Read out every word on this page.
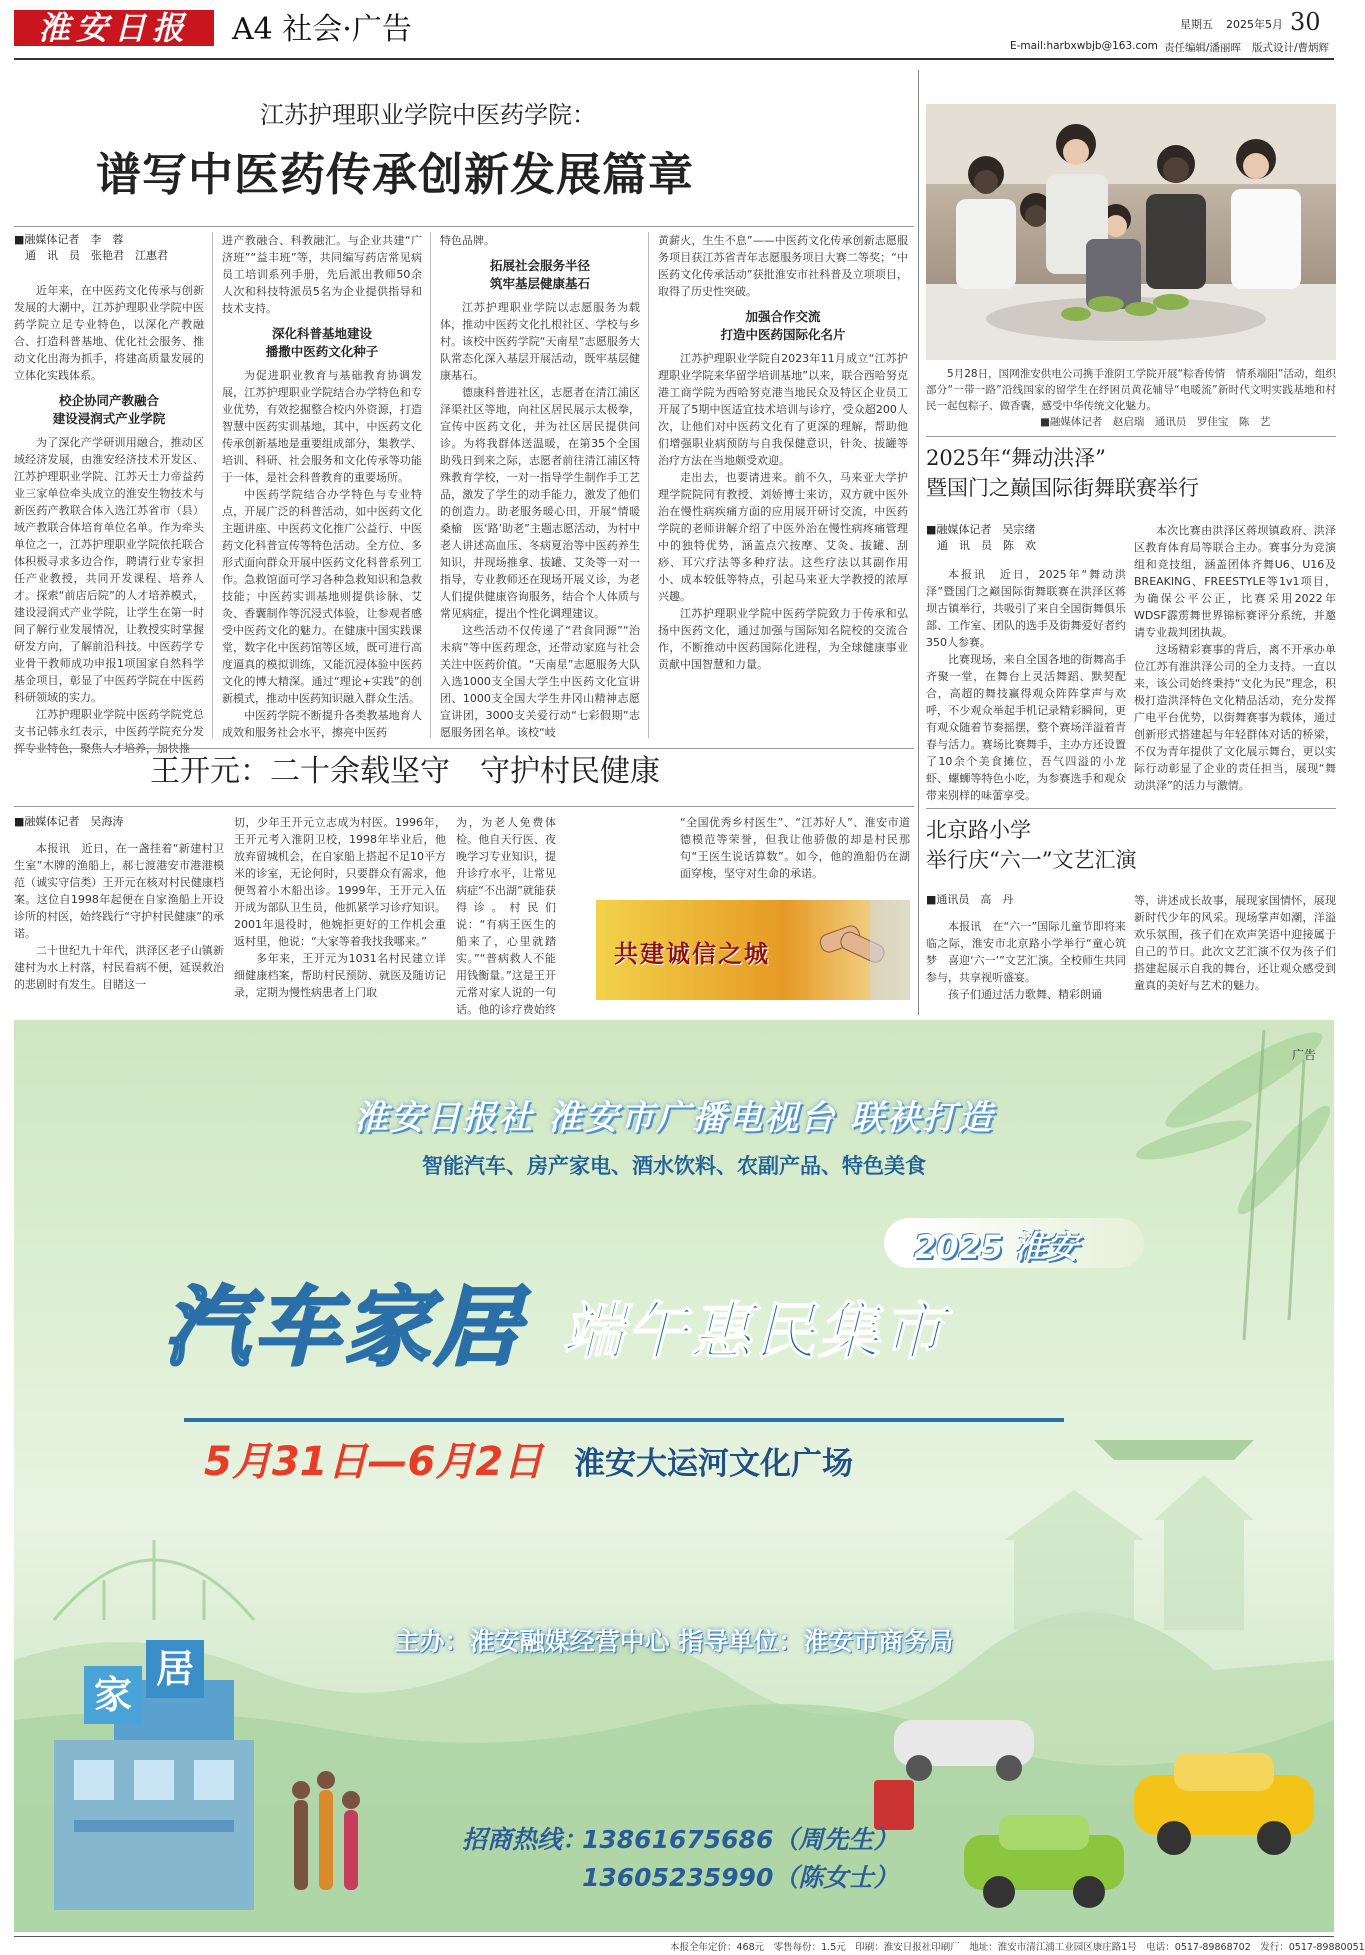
淮安日报	A4 社会·广告	星期五 2025年5月 30
E-mail:harbxwbjb@163.com 责任编辑/潘丽晖 版式设计/曹炳辉
江苏护理职业学院中医药学院：
谱写中医药传承创新发展篇章
■融媒体记者　李　蓉
通　讯　员　张艳君　江惠君

近年来，在中医药文化传承与创新发展的大潮中，江苏护理职业学院中医药学院立足专业特色，以深化产教融合、打造科普基地、优化社会服务、推动文化出海为抓手，将建高质量发展的立体化实践体系。

校企协同产教融合
建设浸润式产业学院

为了深化产学研训用融合，推动区域经济发展，由淮安经济技术开发区、江苏护理职业学院、江苏天士力帝益药业三家单位牵头成立的淮安生物技术与新医药产教联合体入选江苏省市（县）域产教联合体培育单位名单。作为牵头单位之一，江苏护理职业学院依托联合体积极寻求多边合作，聘请行业专家担任产业教授，共同开发课程、培养人才。探索“前店后院”的人才培养模式，建设浸润式产业学院，让学生在第一时间了解行业发展情况，让教授实时掌握研发方向，了解前沿科技。中医药学专业骨干教师成功申报1项国家自然科学基金项目，彰显了中医药学院在中医药科研领域的实力。

江苏护理职业学院中医药学院党总支书记韩永红表示，中医药学院充分发挥专业特色，聚焦人才培养，加快推

进产教融合、科教融汇。与企业共建“广济班”“益丰班”等，共同编写药店常见病员工培训系列手册，先后派出教师50余人次和科技特派员5名为企业提供指导和技术支持。

深化科普基地建设
播撒中医药文化种子

为促进职业教育与基础教育协调发展，江苏护理职业学院结合办学特色和专业优势，有效挖掘整合校内外资源，打造智慧中医药实训基地，其中，中医药文化传承创新基地是重要组成部分，集教学、培训、科研、社会服务和文化传承等功能于一体，是社会科普教育的重要场所。

中医药学院结合办学特色与专业特点，开展广泛的科普活动，如中医药文化主题讲座、中医药文化推广公益行、中医药文化科普宣传等特色活动。全方位、多形式面向群众开展中医药文化科普系列工作。急救馆面可学习各种急救知识和急救技能；中医药实训基地则提供诊脉、艾灸、香囊制作等沉浸式体验，让参观者感受中医药文化的魅力。在健康中国实践课堂，数字化中医药馆等区域，既可进行高度逼真的模拟训练，又能沉浸体验中医药文化的博大精深。通过“理论+实践”的创新模式，推动中医药知识融入群众生活。

中医药学院不断提升各类教基地育人成效和服务社会水平，擦亮中医药

特色品牌。

拓展社会服务半径
筑牢基层健康基石

江苏护理职业学院以志愿服务为载体，推动中医药文化扎根社区、学校与乡村。该校中医药学院“天南星”志愿服务大队常态化深入基层开展活动，既牢基层健康基石。

德康科普进社区，志愿者在清江浦区泽渠社区等地，向社区居民展示太极拳，宣传中医药文化，并为社区居民提供问诊。为将我群体送温暖，在第35个全国助残日到来之际，志愿者前往清江浦区特殊教育学校，一对一指导学生制作手工艺品，激发了学生的动手能力，激发了他们的创造力。助老服务暖心田，开展“情暖桑榆　医‘路’助老”主题志愿活动，为村中老人讲述高血压、冬病夏治等中医药养生知识，并现场推拿、拔罐、艾灸等一对一指导，专业教师还在现场开展义诊，为老人们提供健康咨询服务，结合个人体质与常见病症，提出个性化调理建议。

这些活动不仅传递了“君食同源”“治未病”等中医药理念，还带动家庭与社会关注中医药价值。“天南星”志愿服务大队入选1000支全国大学生中医药文化宣讲团、1000支全国大学生井冈山精神志愿宣讲团，3000支关爱行动“七彩假期”志愿服务团名单。该校“岐

黄薪火，生生不息”——中医药文化传承创新志愿服务项目获江苏省青年志愿服务项目大赛二等奖；“中医药文化传承活动”获批淮安市社科普及立项项目，取得了历史性突破。

加强合作交流
打造中医药国际化名片

江苏护理职业学院自2023年11月成立“江苏护理职业学院来华留学培训基地”以来，联合西哈努克港工商学院为西哈努克港当地民众及特区企业员工开展了5期中医适宜技术培训与诊疗，受众超200人次，让他们对中医药文化有了更深的理解，帮助他们增强职业病预防与自我保健意识，针灸、拔罐等治疗方法在当地颇受欢迎。

走出去，也要请进来。前不久，马来亚大学护理学院院同有教授、刘娇博士来访，双方就中医外治在慢性病疾痛方面的应用展开研讨交流，中医药学院的老师讲解介绍了中医外治在慢性病疼痛管理中的独特优势，涵盖点穴按摩、艾灸、拔罐、刮痧、耳穴疗法等多种疗法。这些疗法以其副作用小、成本较低等特点，引起马来亚大学教授的浓厚兴趣。

江苏护理职业学院中医药学院致力于传承和弘扬中医药文化，通过加强与国际知名院校的交流合作，不断推动中医药国际化进程，为全球健康事业贡献中国智慧和力量。

5月28日，国网淮安供电公司携手淮阴工学院开展“粽香传情　情系端阳”活动，组织部分“一带一路”沿线国家的留学生在纾困员黄花辅导“电暖流”新时代文明实践基地和村民一起包粽子、做香囊，感受中华传统文化魅力。

■融媒体记者　赵启瑞　通讯员　罗佳宝　陈　艺
2025年“舞动洪泽”
暨国门之巅国际街舞联赛举行
■融媒体记者　吴宗绪
通　讯　员　陈　欢

本报讯　近日，2025年“舞动洪泽”暨国门之巅国际街舞联赛在洪泽区蒋坝古镇举行，共吸引了来自全国街舞俱乐部、工作室、团队的选手及街舞爱好者约350人参赛。

比赛现场，来自全国各地的街舞高手齐聚一堂，在舞台上灵活舞蹈、默契配合，高超的舞技赢得观众阵阵掌声与欢呼，不少观众举起手机记录精彩瞬间，更有观众随着节奏摇摆，整个赛场洋溢着青春与活力。赛场比赛舞手，主办方还设置了10余个美食摊位，吾气四溢的小龙虾、螺蛳等特色小吃，为参赛选手和观众带来别样的味蕾享受。

本次比赛由洪泽区蒋坝镇政府、洪泽区教育体育局等联合主办。赛事分为竞演组和竞技组，涵盖团体齐舞U6、U16及BREAKING、FREESTYLE等1v1项目，为确保公平公正，比赛采用2022年WDSF霹雳舞世界锦标赛评分系统，并邀请专业裁判团执裁。

这场精彩赛事的背后，离不开承办单位江苏有淮洪泽公司的全力支持。一直以来，该公司始终秉持“文化为民”理念，积极打造洪泽特色文化精品活动，充分发挥广电平台优势，以街舞赛事为载体，通过创新形式搭建起与年轻群体对话的桥梁，不仅为青年提供了文化展示舞台，更以实际行动彰显了企业的责任担当，展现“舞动洪泽”的活力与激情。

北京路小学
举行庆“六一”文艺汇演
■通讯员　高　丹

本报讯　在“六一”国际儿童节即将来临之际，淮安市北京路小学举行“童心筑梦　喜迎‘六一’”文艺汇演。全校师生共同参与，共享视听盛宴。

孩子们通过活力歌舞、精彩朗诵

等，讲述成长故事，展现家国情怀，展现新时代少年的风采。现场掌声如潮，洋溢欢乐氛围，孩子们在欢声笑语中迎接属于自己的节日。此次文艺汇演不仅为孩子们搭建起展示自我的舞台，还让观众感受到童真的美好与艺术的魅力。

王开元：二十余载坚守　守护村民健康
■融媒体记者　吴海涛

本报讯　近日，在一盏挂着“新建村卫生室”木牌的渔船上，郝七渡港安市港港模范（诚实守信类）王开元在核对村民健康档案。这位自1998年起便在自家渔船上开设诊所的村医，始终践行“守护村民健康”的承诺。

二十世纪九十年代，洪泽区老子山镇新建村为水上村落，村民看病不便，延误救治的悲剧时有发生。目睹这一

切，少年王开元立志成为村医。1996年，王开元考入淮阴卫校，1998年毕业后，他放弃留城机会，在自家船上搭起不足10平方米的诊室，无论何时，只要群众有需求，他便驾着小木船出诊。1999年，王开元入伍开成为部队卫生员，他抓紧学习诊疗知识。2001年退役时，他婉拒更好的工作机会重返村里，他说：“大家等着我找我哪来。”

多年来，王开元为1031名村民建立详细健康档案，帮助村民预防、就医及随访记录，定期为慢性病患者上门取

为，为老人免费体检。他自天行医、夜晚学习专业知识，提升诊疗水平，让常见病症“不出湖”就能获得诊。村民们说：“有病王医生的船来了，心里就踏实。”“普病救人不能用钱衡量。”这是王开元常对家人说的一句话。他的诊疗费始终

“全国优秀乡村医生”、“江苏好人”、淮安市道德模范等荣誉，但我让他骄傲的却是村民那句“王医生说话算数”。如今，他的渔船仍在湖面穿梭，坚守对生命的承诺。

共建诚信之城
广告
淮安日报社 淮安市广播电视台 联袂打造
智能汽车、房产家电、酒水饮料、农副产品、特色美食
2025 淮安
汽车家居 端午惠民集市
5月31日—6月2日 淮安大运河文化广场
主办：淮安融媒经营中心 指导单位：淮安市商务局
招商热线：
13861675686（周先生）
13605235990（陈女士）
家
居
本报全年定价：468元　零售每份：1.5元　印刷：淮安日报社印刷厂　地址：淮安市清江浦工业园区康庄路1号　电话：0517-89868702　发行：0517-89880051
